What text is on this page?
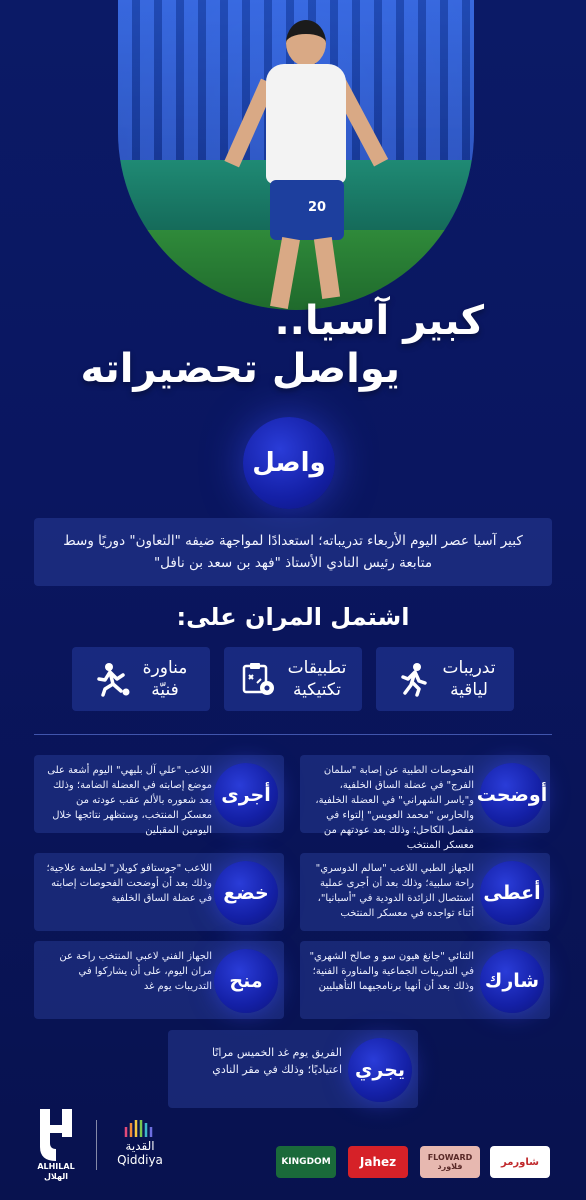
20
كبير آسيا..
يواصل تحضيراته
واصل
كبير آسيا عصر اليوم الأربعاء تدريباته؛ استعدادًا لمواجهة ضيفه "التعاون" دوريًا وسط متابعة رئيس النادي الأستاذ "فهد بن سعد بن نافل"
اشتمل المران على:
تدريبات
لياقية
تطبيقات
تكتيكية
مناورة
فنيّة
الفحوصات الطبية عن إصابة "سلمان الفرج" في عضلة الساق الخلفية، و"ياسر الشهراني" في العضلة الخلفية، والحارس "محمد العويس" إلتواء في مفصل الكاحل؛ وذلك بعد عودتهم من معسكر المنتخب
أوضحت
اللاعب "علي آل بليهي" اليوم أشعة على موضع إصابته في العضلة الضامة؛ وذلك بعد شعوره بالألم عقب عودته من معسكر المنتخب، وستظهر نتائجها خلال اليومين المقبلين
أجرى
الجهاز الطبي اللاعب "سالم الدوسري" راحة سلبية؛ وذلك بعد أن أجرى عملية استئصال الزائدة الدودية في "أسبانيا"، أثناء تواجده في معسكر المنتخب
أعطى
اللاعب "جوستافو كويلار" لجلسة علاجية؛ وذلك بعد أن أوضحت الفحوصات إصابته في عضلة الساق الخلفية خضع
الثنائي "جانغ هيون سو و صالح الشهري" في التدريبات الجماعية والمناورة الفنية؛ وذلك بعد أن أنهيا برنامجيهما التأهيليين شارك
الجهاز الفني لاعبي المنتخب راحة عن مران اليوم، على أن يشاركوا في التدريبات يوم غد منح
الفريق يوم غد الخميس مرانًا اعتياديًا؛ وذلك في مقر النادي يجري
ALHILAL
الهلال
القدية
Qiddiya	شاورمر
FLOWARD فلاورد
Jahez
KINGDOM
